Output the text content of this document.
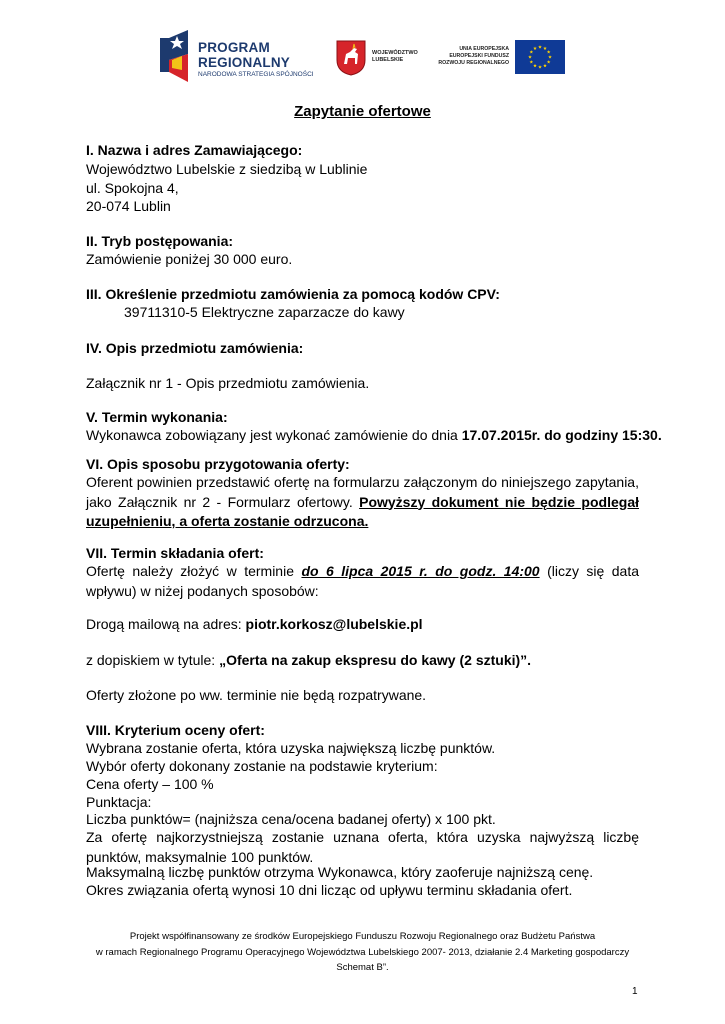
PROGRAM
REGIONALNY
NARODOWA STRATEGIA SPÓJNOŚCI
WOJEWÓDZTWO
LUBELSKIE
UNIA EUROPEJSKA
EUROPEJSKI FUNDUSZ
ROZWOJU REGIONALNEGO
Zapytanie ofertowe
I. Nazwa i adres Zamawiającego:
Województwo Lubelskie z siedzibą w Lublinie
ul. Spokojna 4,
20-074 Lublin
II. Tryb postępowania:
Zamówienie poniżej 30 000 euro.
III. Określenie przedmiotu zamówienia za pomocą kodów CPV:
39711310-5 Elektryczne zaparzacze do kawy
IV. Opis przedmiotu zamówienia:
Załącznik nr 1 - Opis przedmiotu zamówienia.
V. Termin wykonania:
Wykonawca zobowiązany jest wykonać zamówienie do dnia 17.07.2015r. do godziny 15:30.
VI. Opis sposobu przygotowania oferty:
Oferent powinien przedstawić ofertę na formularzu załączonym do niniejszego zapytania, jako Załącznik nr 2 - Formularz ofertowy. Powyższy dokument nie będzie podlegał uzupełnieniu, a oferta zostanie odrzucona.
VII. Termin składania ofert:
Ofertę należy złożyć w terminie do 6 lipca 2015 r. do godz. 14:00 (liczy się data wpływu) w niżej podanych sposobów:
Drogą mailową na adres: piotr.korkosz@lubelskie.pl
z dopiskiem w tytule: „Oferta na zakup ekspresu do kawy (2 sztuki)”.
Oferty złożone po ww. terminie nie będą rozpatrywane.
VIII. Kryterium oceny ofert:
Wybrana zostanie oferta, która uzyska największą liczbę punktów.
Wybór oferty dokonany zostanie na podstawie kryterium:
Cena oferty – 100 %
Punktacja:
Liczba punktów= (najniższa cena/ocena badanej oferty) x 100 pkt.
Za ofertę najkorzystniejszą zostanie uznana oferta, która uzyska najwyższą liczbę punktów, maksymalnie 100 punktów.
Maksymalną liczbę punktów otrzyma Wykonawca, który zaoferuje najniższą cenę.
Okres związania ofertą wynosi 10 dni licząc od upływu terminu składania ofert.
Projekt współfinansowany ze środków Europejskiego Funduszu Rozwoju Regionalnego oraz Budżetu Państwa
w ramach Regionalnego Programu Operacyjnego Województwa Lubelskiego 2007- 2013, działanie 2.4 Marketing gospodarczy
Schemat B”.
1
